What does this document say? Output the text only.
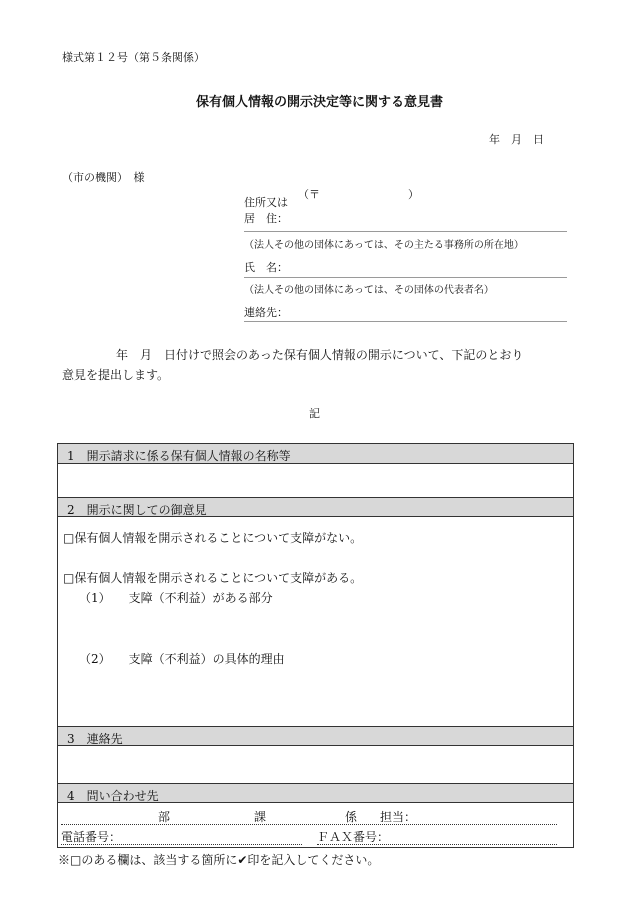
様式第１２号（第５条関係）
保有個人情報の開示決定等に関する意見書
年　月　日
（市の機関）　様
住所又は
（〒　　　　　　　　）
居　住：
（法人その他の団体にあっては、その主たる事務所の所在地）
氏　名：
（法人その他の団体にあっては、その団体の代表者名）
連絡先：
年　月　日付けで照会のあった保有個人情報の開示について、下記のとおり
意見を提出します。
記
1　開示請求に係る保有個人情報の名称等
2　開示に関しての御意見
□保有個人情報を開示されることについて支障がない。
□保有個人情報を開示されることについて支障がある。
（1）　　支障（不利益）がある部分
（2）　　支障（不利益）の具体的理由
3　連絡先
4　問い合わせ先
部	課	係 担当：
電話番号：	ＦＡＸ番号：
※□のある欄は、該当する箇所に✔印を記入してください。
